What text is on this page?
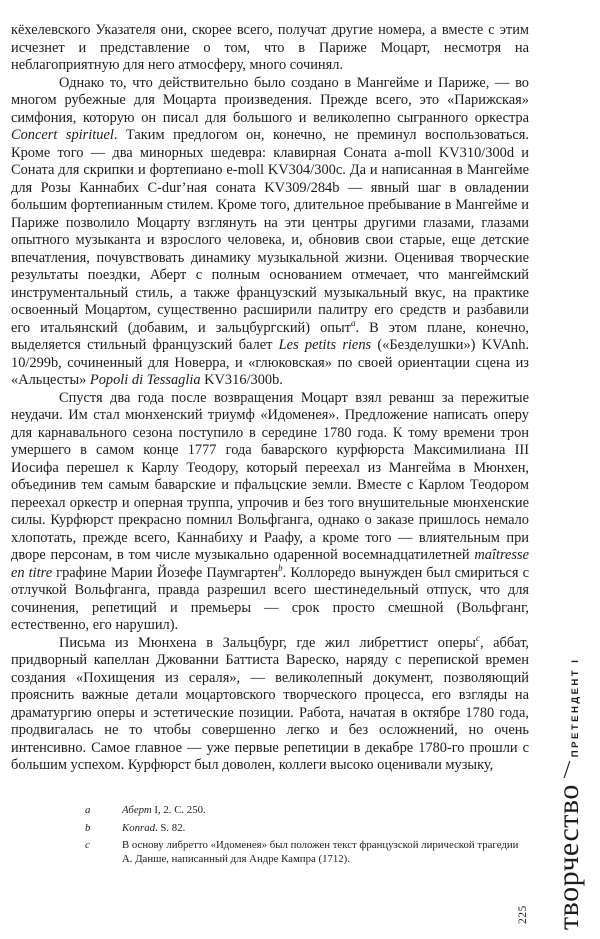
кёхелевского Указателя они, скорее всего, получат другие номера, а вместе с этим исчезнет и представление о том, что в Париже Моцарт, несмотря на неблагоприятную для него атмосферу, много сочинял.

Однако то, что действительно было создано в Мангейме и Париже, — во многом рубежные для Моцарта произведения. Прежде всего, это «Парижская» симфония, которую он писал для большого и великолепно сыгранного оркестра Concert spirituel. Таким предлогом он, конечно, не преминул воспользоваться. Кроме того — два минорных шедевра: клавирная Соната a-moll KV310/300d и Соната для скрипки и фортепиано e-moll KV304/300c. Да и написанная в Мангейме для Розы Каннабих C-dur’ная соната KV309/284b — явный шаг в овладении большим фортепианным стилем. Кроме того, длительное пребывание в Мангейме и Париже позволило Моцарту взглянуть на эти центры другими глазами, глазами опытного музыканта и взрослого человека, и, обновив свои старые, еще детские впечатления, почувствовать динамику музыкальной жизни. Оценивая творческие результаты поездки, Аберт с полным основанием отмечает, что мангеймский инструментальный стиль, а также французский музыкальный вкус, на практике освоенный Моцартом, существенно расширили палитру его средств и разбавили его итальянский (добавим, и зальцбургский) опыт$^a$. В этом плане, конечно, выделяется стильный французский балет Les petits riens («Безделушки») KVAnh. 10/299b, сочиненный для Новерра, и «глюковская» по своей ориентации сцена из «Альцесты» Popoli di Tessaglia KV316/300b.

Спустя два года после возвращения Моцарт взял реванш за пережитые неудачи. Им стал мюнхенский триумф «Идоменея». Предложение написать оперу для карнавального сезона поступило в середине 1780 года. К тому времени трон умершего в самом конце 1777 года баварского курфюрста Максимилиана III Иосифа перешел к Карлу Теодору, который переехал из Мангейма в Мюнхен, объединив тем самым баварские и пфальцские земли. Вместе с Карлом Теодором переехал оркестр и оперная труппа, упрочив и без того внушительные мюнхенские силы. Курфюрст прекрасно помнил Вольфганга, однако о заказе пришлось немало хлопотать, прежде всего, Каннабиху и Раафу, а кроме того — влиятельным при дворе персонам, в том числе музыкально одаренной восемнадцатилетней maîtresse en titre графине Марии Йозефе Паумгартен$^b$. Коллоредо вынужден был смириться с отлучкой Вольфганга, правда разрешил всего шестинедельный отпуск, что для сочинения, репетиций и премьеры — срок просто смешной (Вольфганг, естественно, его нарушил).

Письма из Мюнхена в Зальцбург, где жил либреттист оперы$^c$, аббат, придворный капеллан Джованни Баттиста Вареско, наряду с перепиской времен создания «Похищения из сераля», — великолепный документ, позволяющий прояснить важные детали моцартовского творческого процесса, его взгляды на драматургию оперы и эстетические позиции. Работа, начатая в октябре 1780 года, продвигалась не то чтобы совершенно легко и без осложнений, но очень интенсивно. Самое главное — уже первые репетиции в декабре 1780-го прошли с большим успехом. Курфюрст был доволен, коллеги высоко оценивали музыку,

a	Аберт I, 2. С. 250.
b	Konrad. S. 82.
c	В основу либретто «Идоменея» был положен текст французской лирической трагедии А. Данше, написанный для Андре Кампра (1712).	творчество
/
ПРЕТЕНДЕНТ I
225
